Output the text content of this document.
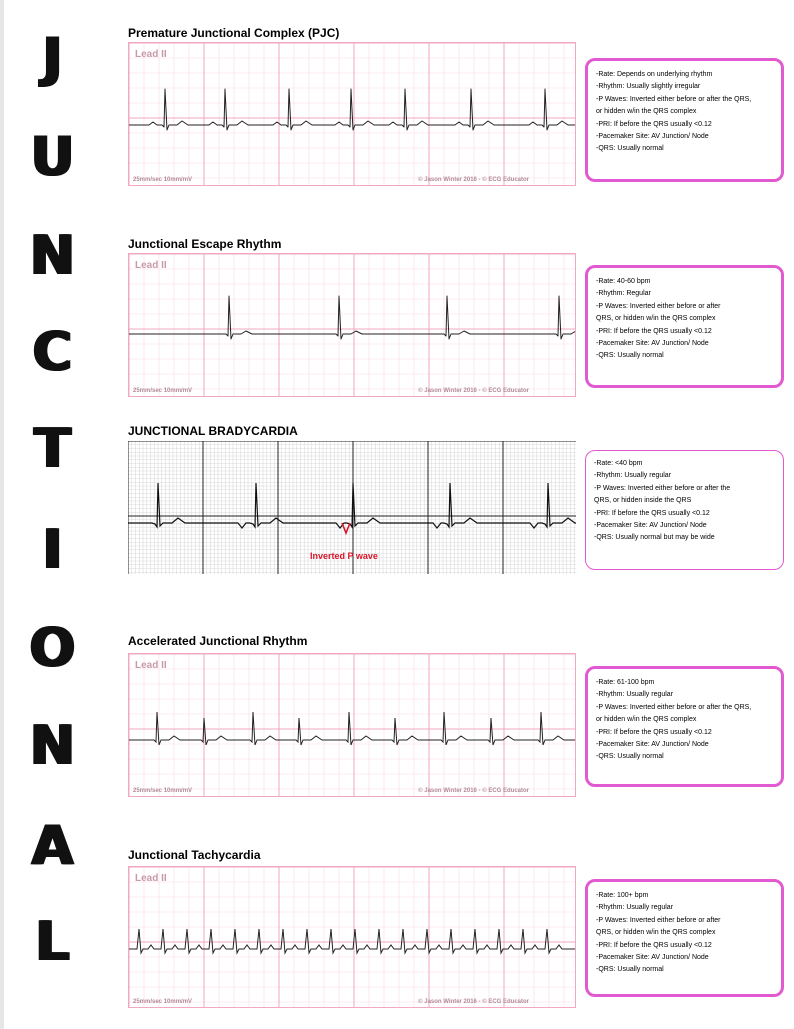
J
U
N
C
T
I
O
N
A
L
Premature Junctional Complex (PJC)
Lead II
25mm/sec 10mm/mV	© Jason Winter 2016 - © ECG Educator
-Rate: Depends on underlying rhythm
-Rhythm: Usually slightly irregular
-P Waves: Inverted either before or after the QRS,
or hidden w/in the QRS complex
-PRI: If before the QRS usually <0.12
-Pacemaker Site: AV Junction/ Node
-QRS: Usually normal
Junctional Escape Rhythm
Lead II
25mm/sec 10mm/mV	© Jason Winter 2016 - © ECG Educator
-Rate: 40-60 bpm
-Rhythm: Regular
-P Waves: Inverted either before or after
QRS, or hidden w/in the QRS complex
-PRI: If before the QRS usually <0.12
-Pacemaker Site: AV Junction/ Node
-QRS: Usually normal
JUNCTIONAL BRADYCARDIA
Inverted P wave
-Rate: <40 bpm
-Rhythm: Usually regular
-P Waves: Inverted either before or after the
QRS, or hidden inside the QRS
-PRI: If before the QRS usually <0.12
-Pacemaker Site: AV Junction/ Node
-QRS: Usually normal but may be wide
Accelerated Junctional Rhythm
Lead II
25mm/sec 10mm/mV	© Jason Winter 2016 - © ECG Educator
-Rate: 61-100 bpm
-Rhythm: Usually regular
-P Waves: Inverted either before or after the QRS,
or hidden w/in the QRS complex
-PRI: If before the QRS usually <0.12
-Pacemaker Site: AV Junction/ Node
-QRS: Usually normal
Junctional Tachycardia
Lead II
25mm/sec 10mm/mV	© Jason Winter 2016 - © ECG Educator
-Rate: 100+ bpm
-Rhythm: Usually regular
-P Waves: Inverted either before or after
QRS, or hidden w/in the QRS complex
-PRI: If before the QRS usually <0.12
-Pacemaker Site: AV Junction/ Node
-QRS: Usually normal
